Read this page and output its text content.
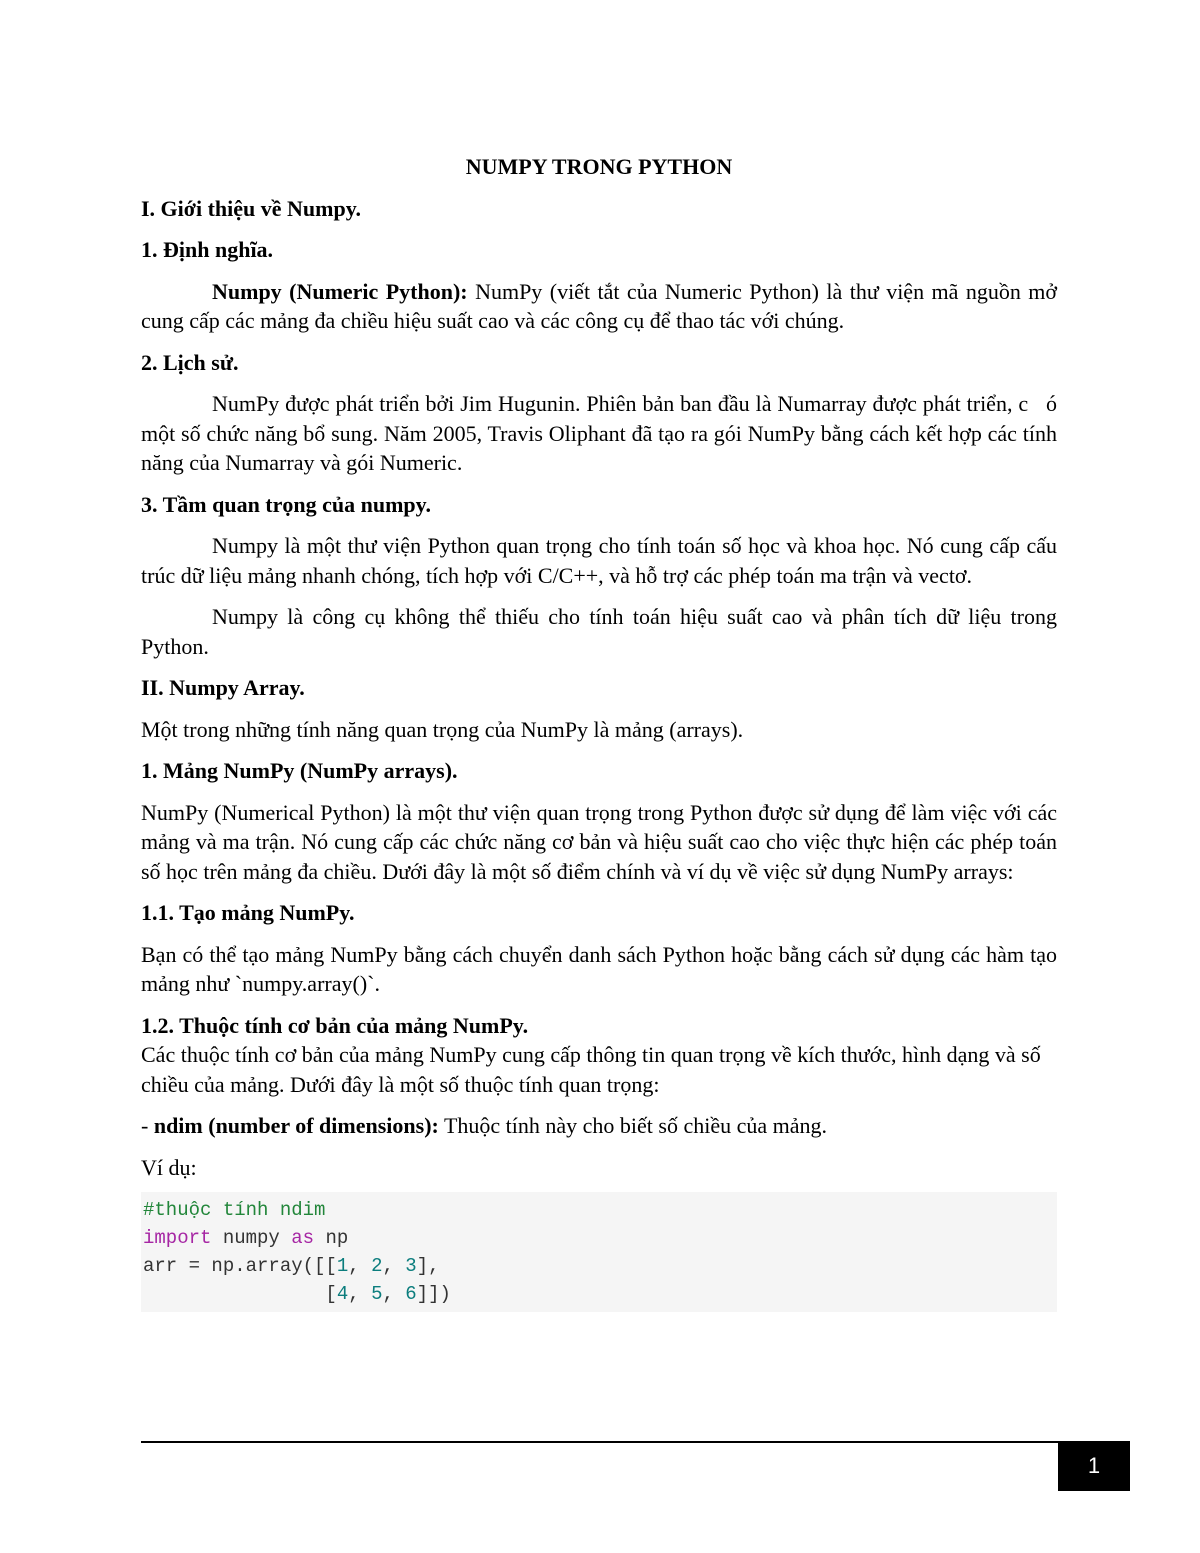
NUMPY TRONG PYTHON
I. Giới thiệu về Numpy.
1. Định nghĩa.
Numpy (Numeric Python): NumPy (viết tắt của Numeric Python) là thư viện mã nguồn mở cung cấp các mảng đa chiều hiệu suất cao và các công cụ để thao tác với chúng.
2. Lịch sử.
NumPy được phát triển bởi Jim Hugunin. Phiên bản ban đầu là Numarray được phát triển, c   ó một số chức năng bổ sung. Năm 2005, Travis Oliphant đã tạo ra gói NumPy bằng cách kết hợp các tính năng của Numarray và gói Numeric.
3. Tầm quan trọng của numpy.
Numpy là một thư viện Python quan trọng cho tính toán số học và khoa học. Nó cung cấp cấu trúc dữ liệu mảng nhanh chóng, tích hợp với C/C++, và hỗ trợ các phép toán ma trận và vectơ.
Numpy là công cụ không thể thiếu cho tính toán hiệu suất cao và phân tích dữ liệu trong Python.
II. Numpy Array.
Một trong những tính năng quan trọng của NumPy là mảng (arrays).
1. Mảng NumPy (NumPy arrays).
NumPy (Numerical Python) là một thư viện quan trọng trong Python được sử dụng để làm việc với các mảng và ma trận. Nó cung cấp các chức năng cơ bản và hiệu suất cao cho việc thực hiện các phép toán số học trên mảng đa chiều. Dưới đây là một số điểm chính và ví dụ về việc sử dụng NumPy arrays:
1.1. Tạo mảng NumPy.
Bạn có thể tạo mảng NumPy bằng cách chuyển danh sách Python hoặc bằng cách sử dụng các hàm tạo mảng như `numpy.array()`.
1.2. Thuộc tính cơ bản của mảng NumPy.
Các thuộc tính cơ bản của mảng NumPy cung cấp thông tin quan trọng về kích thước, hình dạng và số chiều của mảng. Dưới đây là một số thuộc tính quan trọng:
- ndim (number of dimensions): Thuộc tính này cho biết số chiều của mảng.
Ví dụ:
#thuộc tính ndim
import numpy as np
arr = np.array([[1, 2, 3],
[4, 5, 6]])
1
